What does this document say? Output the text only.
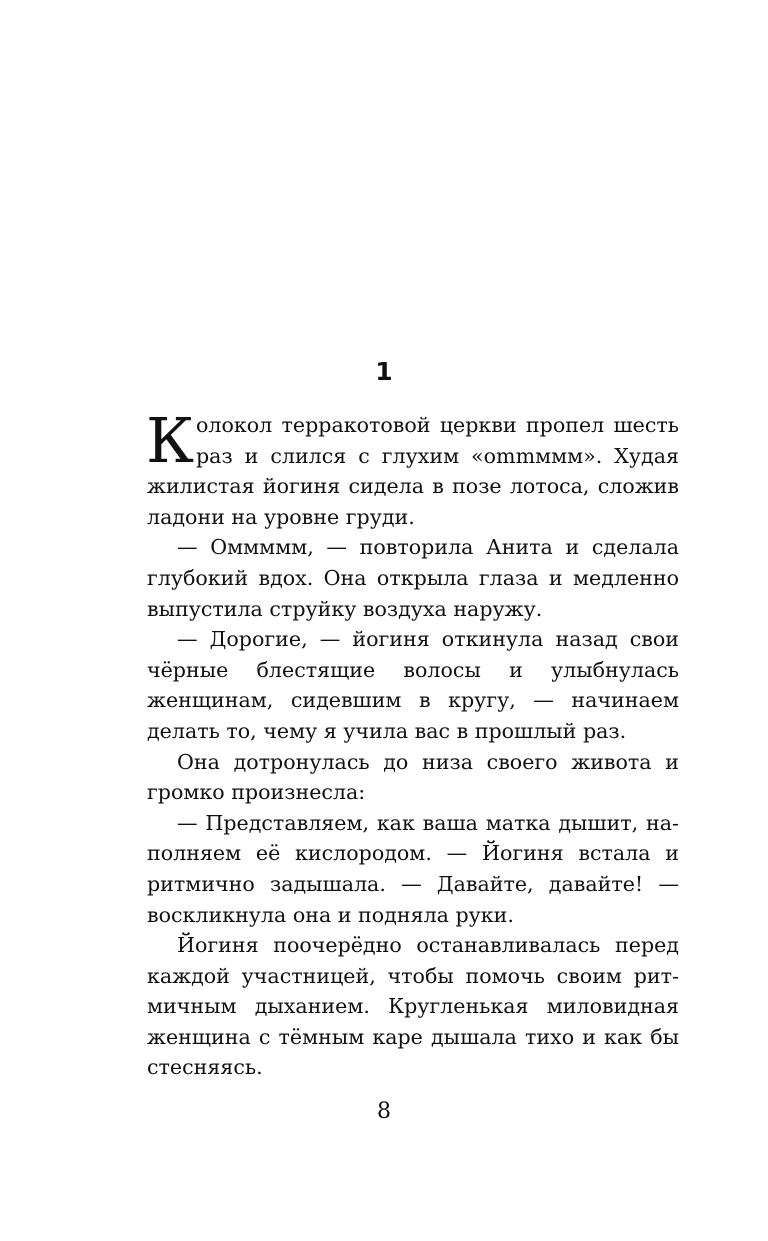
1

Колокол терракотовой церкви пропел шесть раз и слился с глухим «ommммм». Худая жилистая йогиня сидела в позе лотоса, сложив ладони на уровне груди.

— Оммммм, — повторила Анита и сделала глубокий вдох. Она открыла глаза и медленно выпустила струйку воздуха наружу.

— Дорогие, — йогиня откинула назад свои чёрные блестящие волосы и улыбнулась женщинам, сидевшим в кругу, — начинаем делать то, чему я учила вас в прошлый раз.

Она дотронулась до низа своего живота и громко произнесла:

— Представляем, как ваша матка дышит, наполняем её кислородом. — Йогиня встала и ритмично задышала. — Давайте, давайте! — воскликнула она и подняла руки.

Йогиня поочерёдно останавливалась перед каждой участницей, чтобы помочь своим ритмичным дыханием. Кругленькая миловидная женщина с тёмным каре дышала тихо и как бы стесняясь.

8
